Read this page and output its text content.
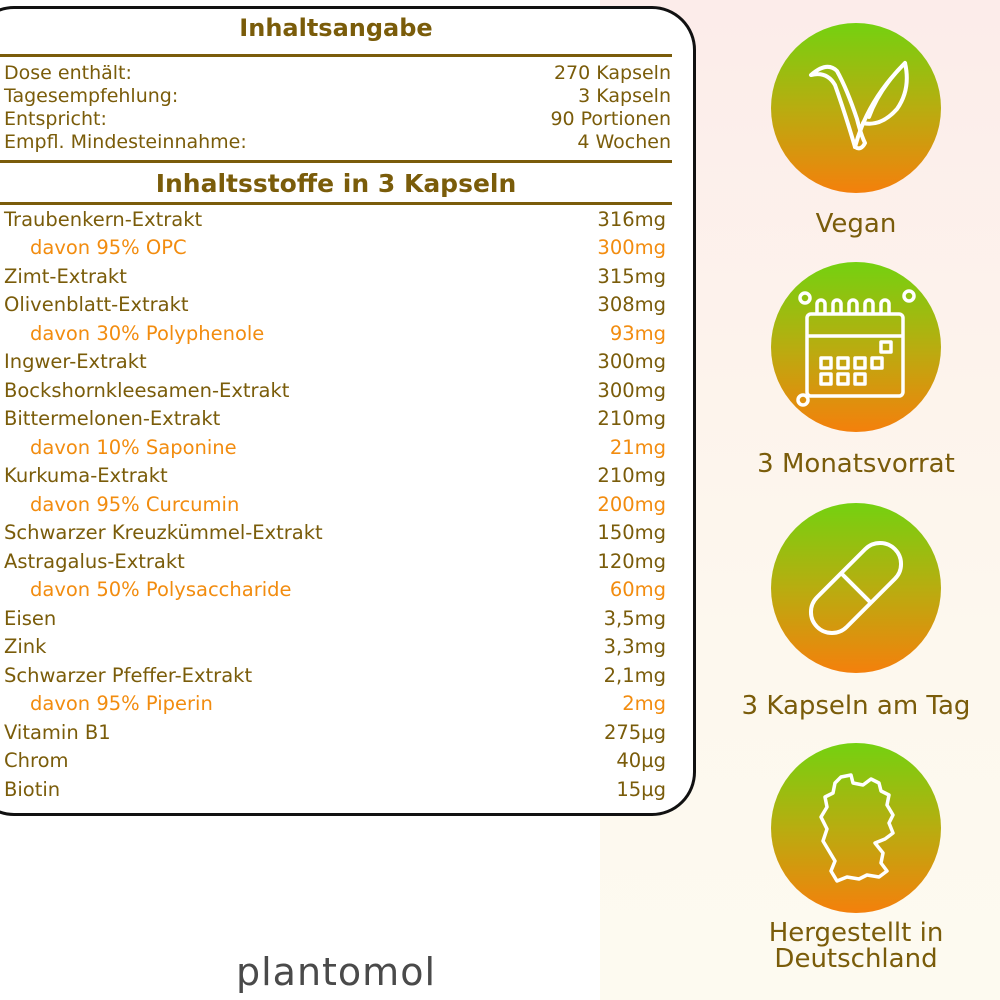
Inhaltsangabe
Dose enthält:	270 Kapseln
Tagesempfehlung:	3 Kapseln
Entspricht:	90 Portionen
Empfl. Mindesteinnahme:	4 Wochen
Inhaltsstoffe in 3 Kapseln
Traubenkern-Extrakt	316mg
davon 95% OPC	300mg
Zimt-Extrakt	315mg
Olivenblatt-Extrakt	308mg
davon 30% Polyphenole	93mg
Ingwer-Extrakt	300mg
Bockshornkleesamen-Extrakt	300mg
Bittermelonen-Extrakt	210mg
davon 10% Saponine	21mg
Kurkuma-Extrakt	210mg
davon 95% Curcumin	200mg
Schwarzer Kreuzkümmel-Extrakt	150mg
Astragalus-Extrakt	120mg
davon 50% Polysaccharide	60mg
Eisen	3,5mg
Zink	3,3mg
Schwarzer Pfeffer-Extrakt	2,1mg
davon 95% Piperin	2mg
Vitamin B1	275µg
Chrom	40µg
Biotin	15µg
Vegan
3 Monatsvorrat
3 Kapseln am Tag
Hergestellt in
Deutschland
plantomol
